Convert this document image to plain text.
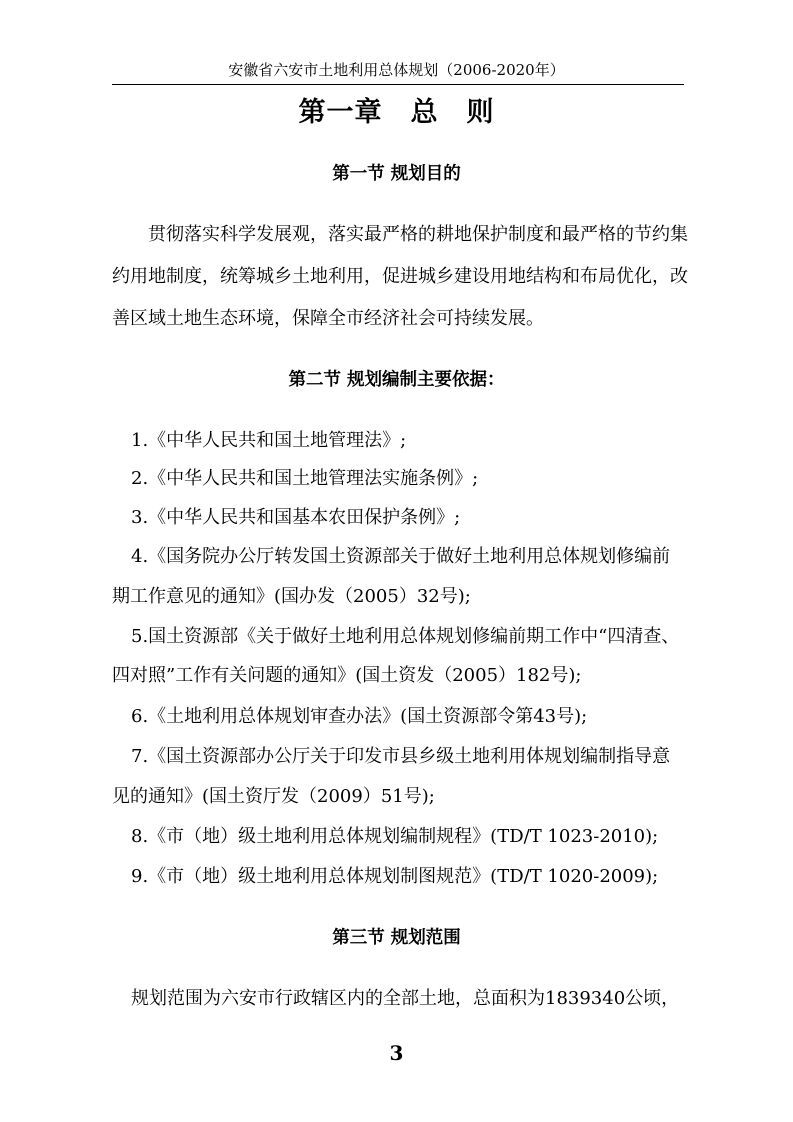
安徽省六安市土地利用总体规划（2006-2020年）
第一章 总　则
第一节 规划目的
贯彻落实科学发展观，落实最严格的耕地保护制度和最严格的节约集
约用地制度，统筹城乡土地利用，促进城乡建设用地结构和布局优化，改
善区域土地生态环境，保障全市经济社会可持续发展。
第二节 规划编制主要依据：
1.《中华人民共和国土地管理法》;
2.《中华人民共和国土地管理法实施条例》;
3.《中华人民共和国基本农田保护条例》;
4.《国务院办公厅转发国土资源部关于做好土地利用总体规划修编前
期工作意见的通知》(国办发（2005）32号);
5.国土资源部《关于做好土地利用总体规划修编前期工作中“四清查、
四对照”工作有关问题的通知》(国土资发（2005）182号);
6.《土地利用总体规划审查办法》(国土资源部令第43号);
7.《国土资源部办公厅关于印发市县乡级土地利用体规划编制指导意
见的通知》(国土资厅发（2009）51号);
8.《市（地）级土地利用总体规划编制规程》(TD/T 1023-2010);
9.《市（地）级土地利用总体规划制图规范》(TD/T 1020-2009);
第三节 规划范围
规划范围为六安市行政辖区内的全部土地，总面积为1839340公顷，
3
